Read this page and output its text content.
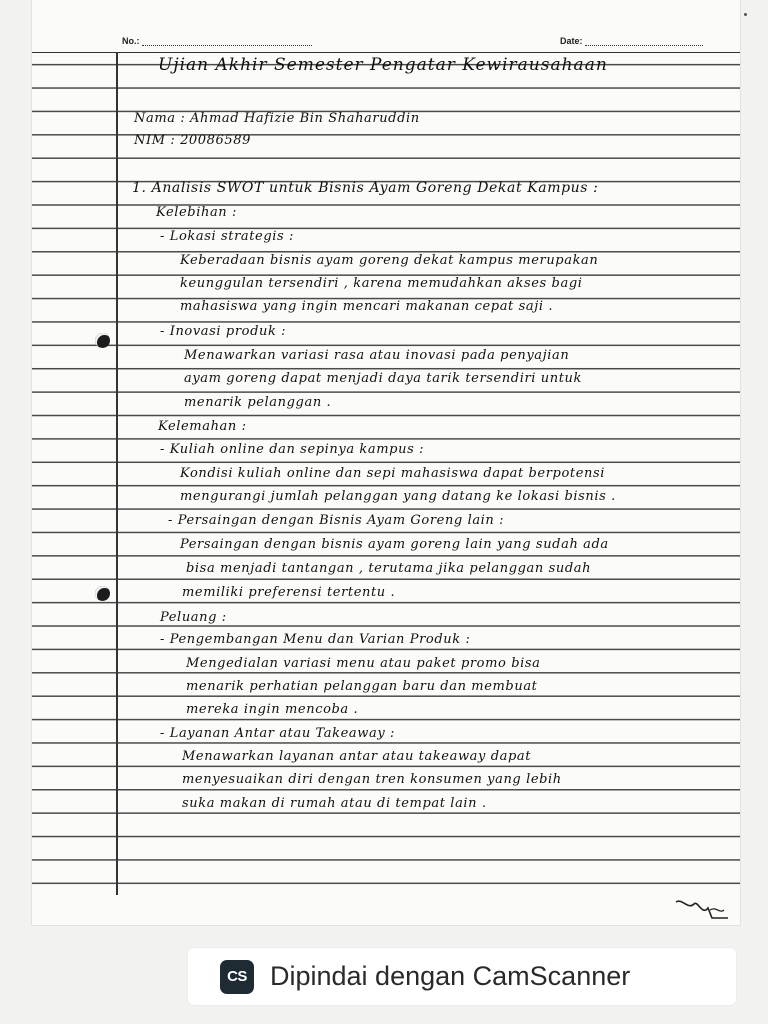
No.:	Date:
Ujian Akhir Semester Pengatar Kewirausahaan
Nama : Ahmad Hafizie Bin Shaharuddin
NIM : 20086589
1. Analisis SWOT untuk Bisnis Ayam Goreng Dekat Kampus :
Kelebihan :
- Lokasi strategis :
Keberadaan bisnis ayam goreng dekat kampus merupakan
keunggulan tersendiri , karena memudahkan akses bagi
mahasiswa yang ingin mencari makanan cepat saji .
- Inovasi produk :
Menawarkan variasi rasa atau inovasi pada penyajian
ayam goreng dapat menjadi daya tarik tersendiri untuk
menarik pelanggan .
Kelemahan :
- Kuliah online dan sepinya kampus :
Kondisi kuliah online dan sepi mahasiswa dapat berpotensi
mengurangi jumlah pelanggan yang datang ke lokasi bisnis .
- Persaingan dengan Bisnis Ayam Goreng lain :
Persaingan dengan bisnis ayam goreng lain yang sudah ada
bisa menjadi tantangan , terutama jika pelanggan sudah
memiliki preferensi tertentu .
Peluang :
- Pengembangan Menu dan Varian Produk :
Mengedialan variasi menu atau paket promo bisa
menarik perhatian pelanggan baru dan membuat
mereka ingin mencoba .
- Layanan Antar atau Takeaway :
Menawarkan layanan antar atau takeaway dapat
menyesuaikan diri dengan tren konsumen yang lebih
suka makan di rumah atau di tempat lain .
CS Dipindai dengan CamScanner
